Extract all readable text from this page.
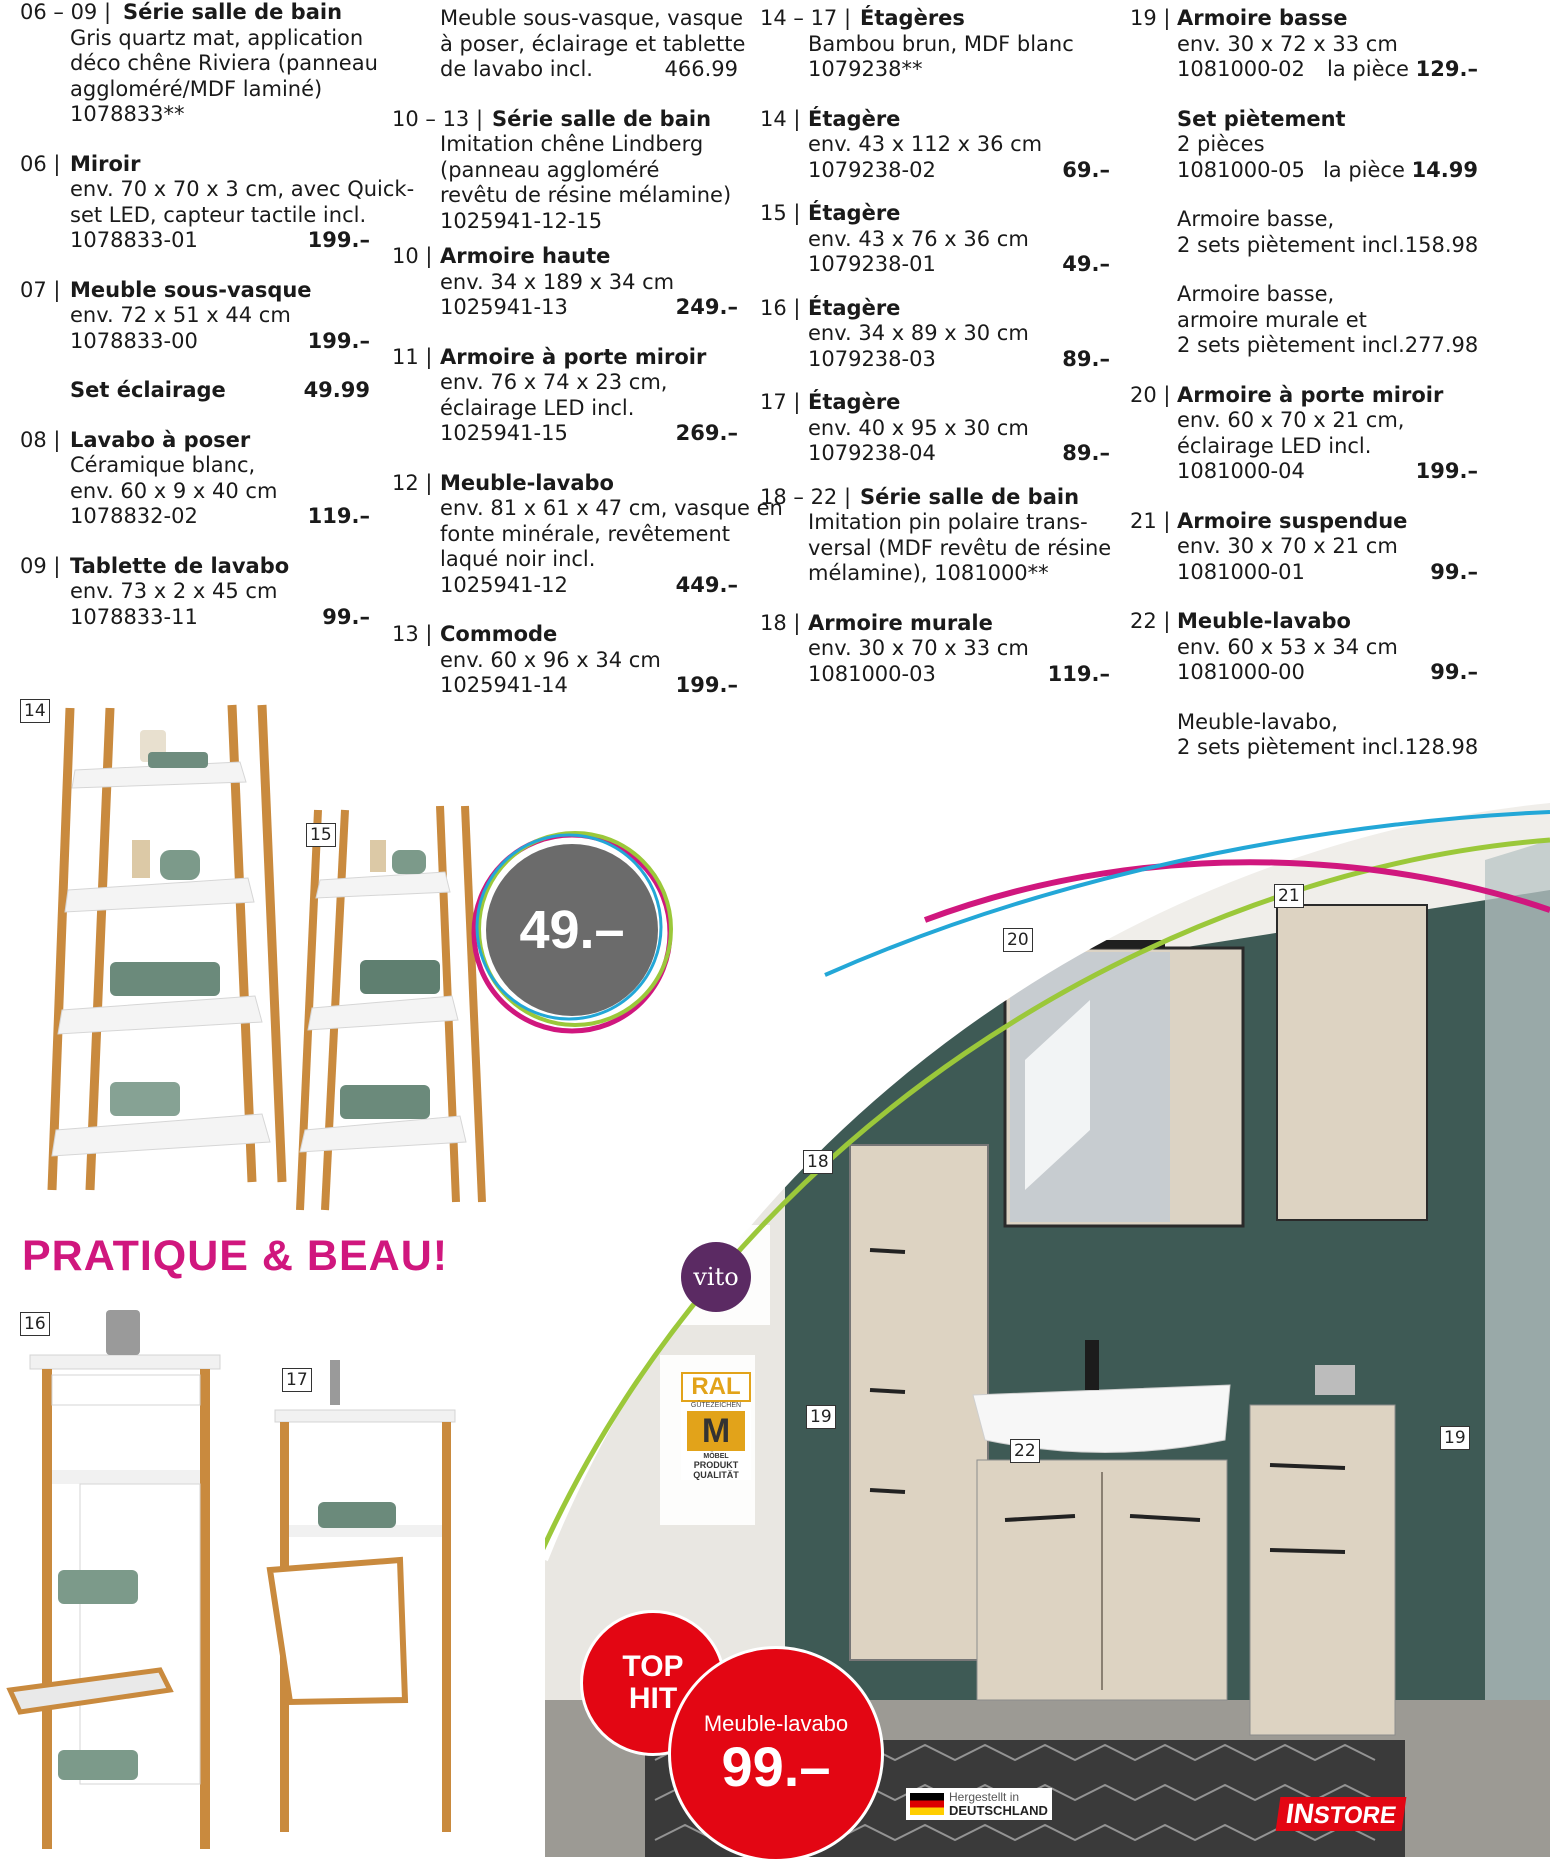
06 – 09 | Série salle de bain
Gris quartz mat, application
déco chêne Riviera (panneau
aggloméré/MDF laminé)
1078833**
06 | Miroir
env. 70 x 70 x 3 cm, avec Quick-
set LED, capteur tactile incl.
1078833-01	199.–
07 | Meuble sous-vasque
env. 72 x 51 x 44 cm
1078833-00	199.–
Set éclairage	49.99
08 | Lavabo à poser
Céramique blanc,
env. 60 x 9 x 40 cm
1078832-02	119.–
09 | Tablette de lavabo
env. 73 x 2 x 45 cm
1078833-11	99.–
Meuble sous-vasque, vasque
à poser, éclairage et tablette
de lavabo incl.	466.99
10 – 13 | Série salle de bain
Imitation chêne Lindberg
(panneau aggloméré
revêtu de résine mélamine)
1025941-12-15
10 | Armoire haute
env. 34 x 189 x 34 cm
1025941-13	249.–
11 | Armoire à porte miroir
env. 76 x 74 x 23 cm,
éclairage LED incl.
1025941-15	269.–
12 | Meuble-lavabo
env. 81 x 61 x 47 cm, vasque en
fonte minérale, revêtement
laqué noir incl.
1025941-12	449.–
13 | Commode
env. 60 x 96 x 34 cm
1025941-14	199.–
14 – 17 | Étagères
Bambou brun, MDF blanc
1079238**
14 | Étagère
env. 43 x 112 x 36 cm
1079238-02	69.–
15 | Étagère
env. 43 x 76 x 36 cm
1079238-01	49.–
16 | Étagère
env. 34 x 89 x 30 cm
1079238-03	89.–
17 | Étagère
env. 40 x 95 x 30 cm
1079238-04	89.–
18 – 22 | Série salle de bain
Imitation pin polaire trans-
versal (MDF revêtu de résine
mélamine), 1081000**
18 | Armoire murale
env. 30 x 70 x 33 cm
1081000-03	119.–
19 | Armoire basse
env. 30 x 72 x 33 cm
1081000-02 la pièce 129.–
Set piètement
2 pièces
1081000-05 la pièce 14.99
Armoire basse,
2 sets piètement incl. 158.98
Armoire basse,
armoire murale et
2 sets piètement incl. 277.98
20 | Armoire à porte miroir
env. 60 x 70 x 21 cm,
éclairage LED incl.
1081000-04	199.–
21 | Armoire suspendue
env. 30 x 70 x 21 cm
1081000-01	99.–
22 | Meuble-lavabo
env. 60 x 53 x 34 cm
1081000-00	99.–
Meuble-lavabo,
2 sets piètement incl. 128.98
14
15
16
17
PRATIQUE & BEAU!
49.–	20
21
18
19
22
19
vito
RAL
GÜTEZEICHEN
M
MÖBEL
PRODUKT
QUALITÄT
TOP
HIT
Meuble-lavabo
99.–	Hergestellt in
DEUTSCHLAND	INSTORE
